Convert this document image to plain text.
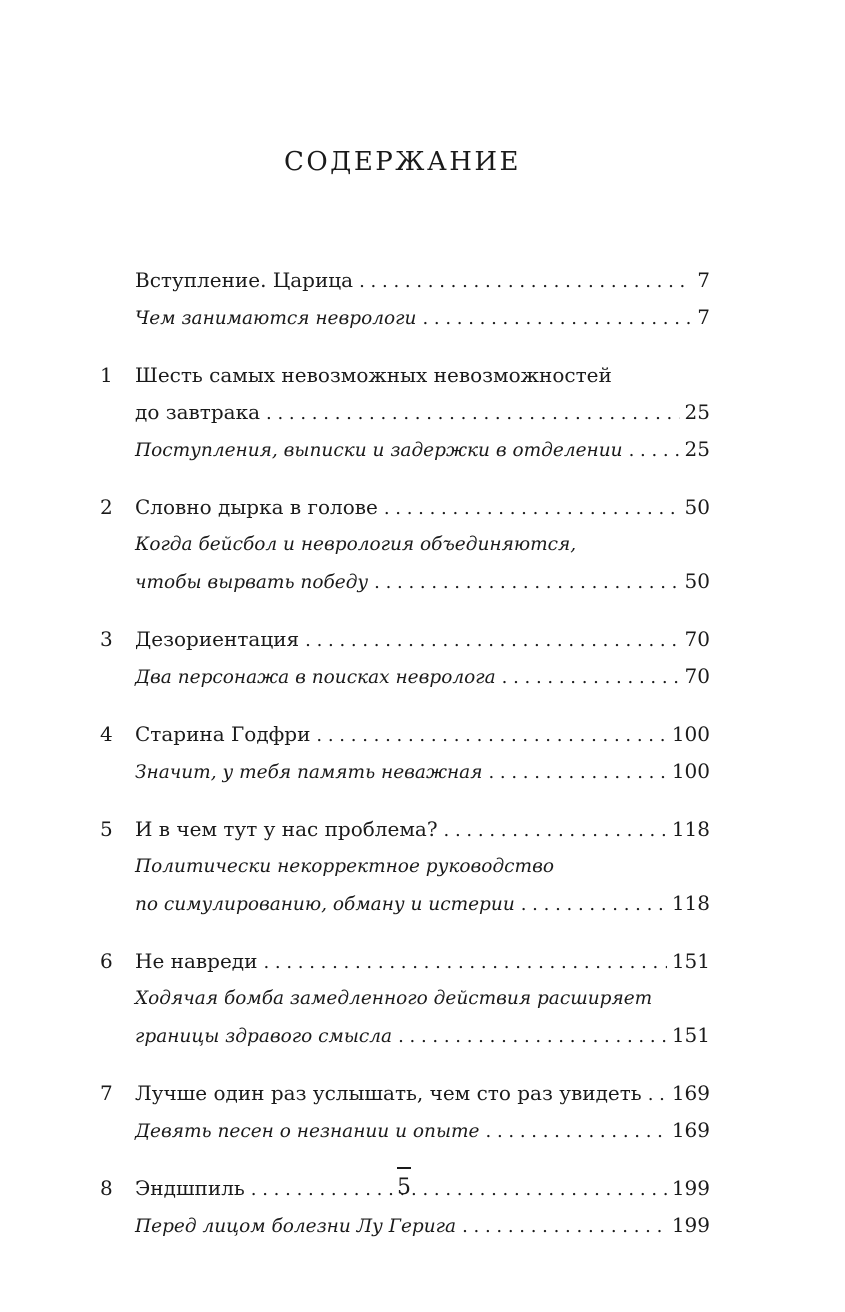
СОДЕРЖАНИЕ
Вступление. Царица . . .	7
Чем занимаются неврологи . . .	7
1	Шесть самых невозможных невозможностей
до завтрака . . .	25
Поступления, выписки и задержки в отделении . . .	25
2	Словно дырка в голове . . .	50
Когда бейсбол и неврология объединяются,
чтобы вырвать победу . . .	50
3	Дезориентация . . .	70
Два персонажа в поисках невролога . . .	70
4	Старина Годфри . . .	100
Значит, у тебя память неважная . . .	100
5	И в чем тут у нас проблема? . . .	118
Политически некорректное руководство
по симулированию, обману и истерии . . .	118
6	Не навреди . . .	151
Ходячая бомба замедленного действия расширяет
границы здравого смысла . . .	151
7	Лучше один раз услышать, чем сто раз увидеть . . . 169
Девять песен о незнании и опыте . . .	169
8	Эндшпиль . . .	199
Перед лицом болезни Лу Герига . . .	199
5
